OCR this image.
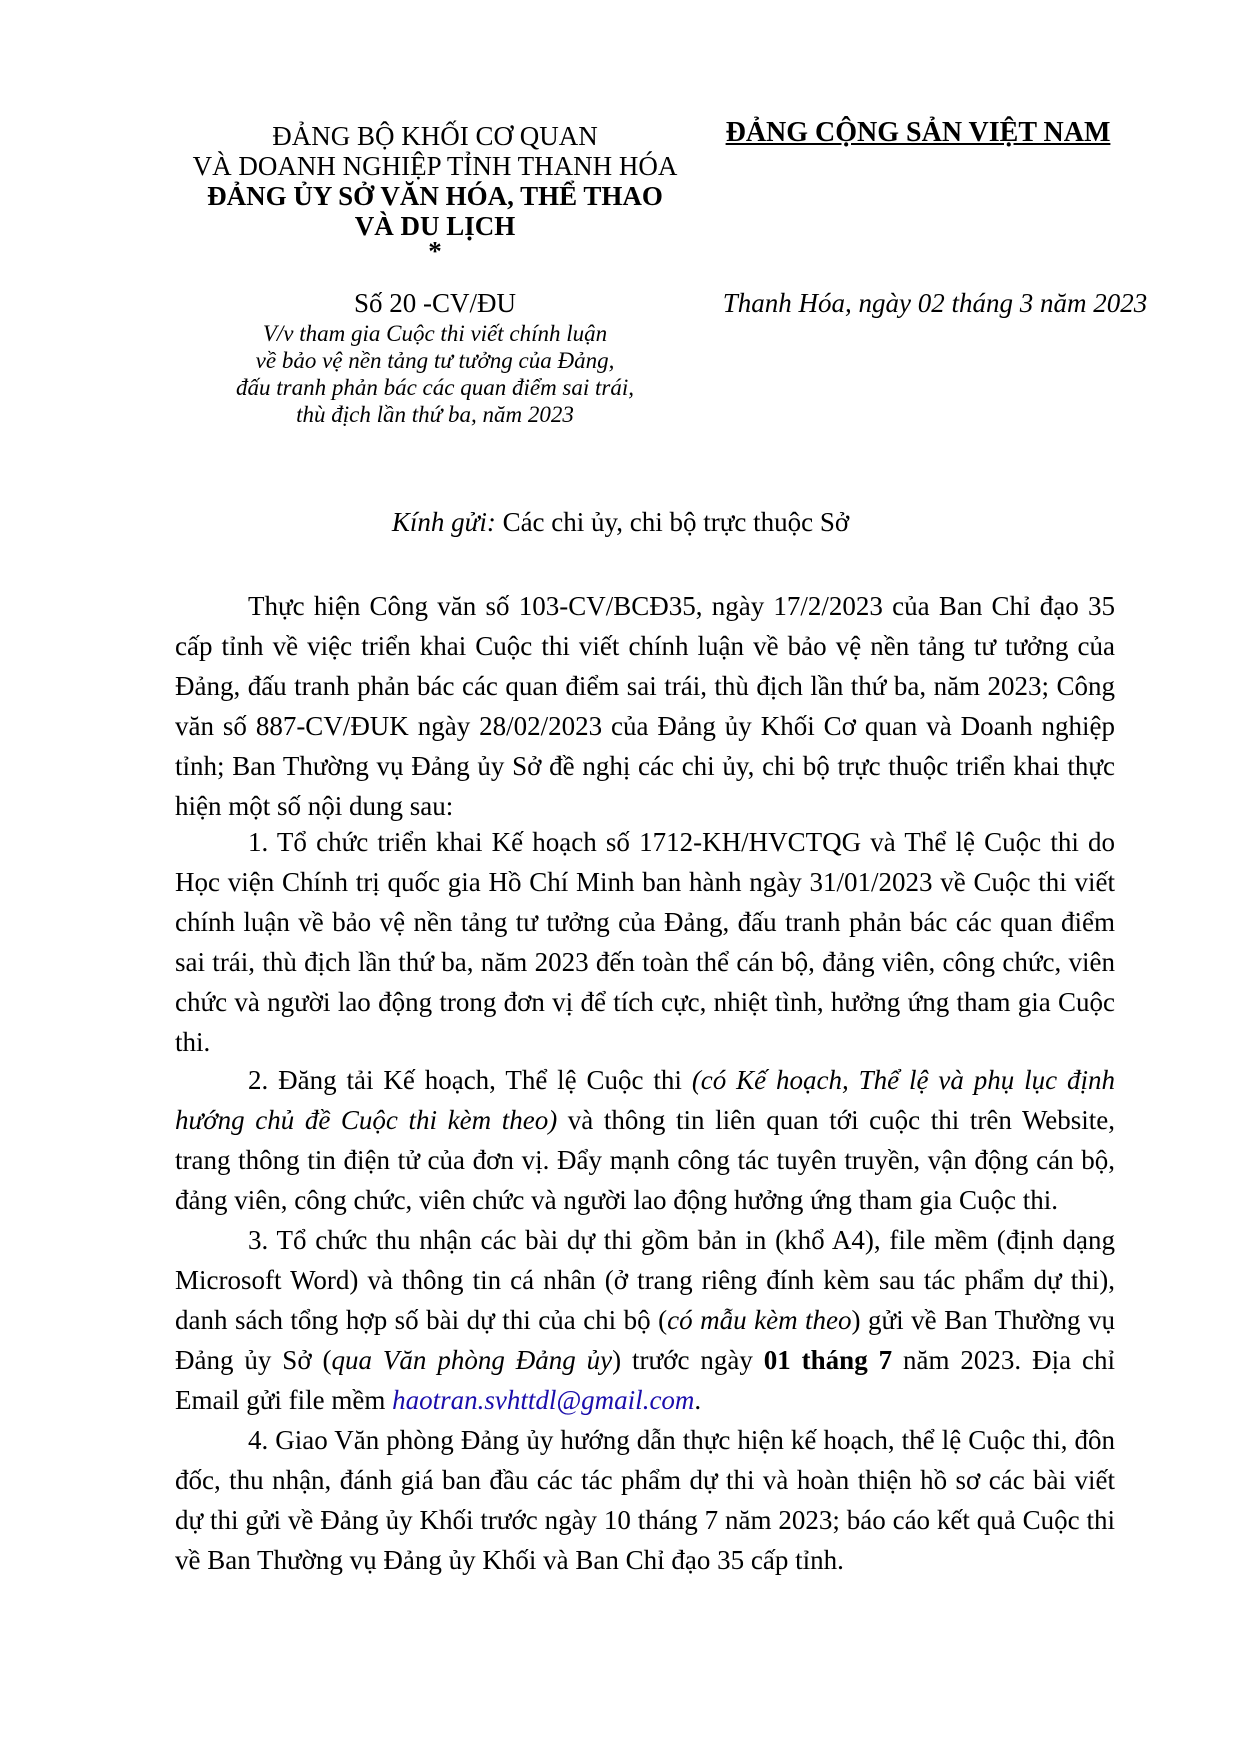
ĐẢNG BỘ KHỐI CƠ QUAN
VÀ DOANH NGHIỆP TỈNH THANH HÓA
ĐẢNG ỦY SỞ VĂN HÓA, THỂ THAO
VÀ DU LỊCH
*
ĐẢNG CỘNG SẢN VIỆT NAM
Số 20 -CV/ĐU	Thanh Hóa, ngày 02 tháng 3 năm 2023
V/v tham gia Cuộc thi viết chính luận
về bảo vệ nền tảng tư tưởng của Đảng,
đấu tranh phản bác các quan điểm sai trái,
thù địch lần thứ ba, năm 2023
Kính gửi: Các chi ủy, chi bộ trực thuộc Sở

Thực hiện Công văn số 103-CV/BCĐ35, ngày 17/2/2023 của Ban Chỉ đạo 35 cấp tỉnh về việc triển khai Cuộc thi viết chính luận về bảo vệ nền tảng tư tưởng của Đảng, đấu tranh phản bác các quan điểm sai trái, thù địch lần thứ ba, năm 2023; Công văn số 887-CV/ĐUK ngày 28/02/2023 của Đảng ủy Khối Cơ quan và Doanh nghiệp tỉnh; Ban Thường vụ Đảng ủy Sở đề nghị các chi ủy, chi bộ trực thuộc triển khai thực hiện một số nội dung sau:

1. Tổ chức triển khai Kế hoạch số 1712-KH/HVCTQG và Thể lệ Cuộc thi do Học viện Chính trị quốc gia Hồ Chí Minh ban hành ngày 31/01/2023 về Cuộc thi viết chính luận về bảo vệ nền tảng tư tưởng của Đảng, đấu tranh phản bác các quan điểm sai trái, thù địch lần thứ ba, năm 2023 đến toàn thể cán bộ, đảng viên, công chức, viên chức và người lao động trong đơn vị để tích cực, nhiệt tình, hưởng ứng tham gia Cuộc thi.

2. Đăng tải Kế hoạch, Thể lệ Cuộc thi (có Kế hoạch, Thể lệ và phụ lục định hướng chủ đề Cuộc thi kèm theo) và thông tin liên quan tới cuộc thi trên Website, trang thông tin điện tử của đơn vị. Đẩy mạnh công tác tuyên truyền, vận động cán bộ, đảng viên, công chức, viên chức và người lao động hưởng ứng tham gia Cuộc thi.

3. Tổ chức thu nhận các bài dự thi gồm bản in (khổ A4), file mềm (định dạng Microsoft Word) và thông tin cá nhân (ở trang riêng đính kèm sau tác phẩm dự thi), danh sách tổng hợp số bài dự thi của chi bộ (có mẫu kèm theo) gửi về Ban Thường vụ Đảng ủy Sở (qua Văn phòng Đảng ủy) trước ngày 01 tháng 7 năm 2023. Địa chỉ Email gửi file mềm haotran.svhttdl@gmail.com.

4. Giao Văn phòng Đảng ủy hướng dẫn thực hiện kế hoạch, thể lệ Cuộc thi, đôn đốc, thu nhận, đánh giá ban đầu các tác phẩm dự thi và hoàn thiện hồ sơ các bài viết dự thi gửi về Đảng ủy Khối trước ngày 10 tháng 7 năm 2023; báo cáo kết quả Cuộc thi về Ban Thường vụ Đảng ủy Khối và Ban Chỉ đạo 35 cấp tỉnh.
